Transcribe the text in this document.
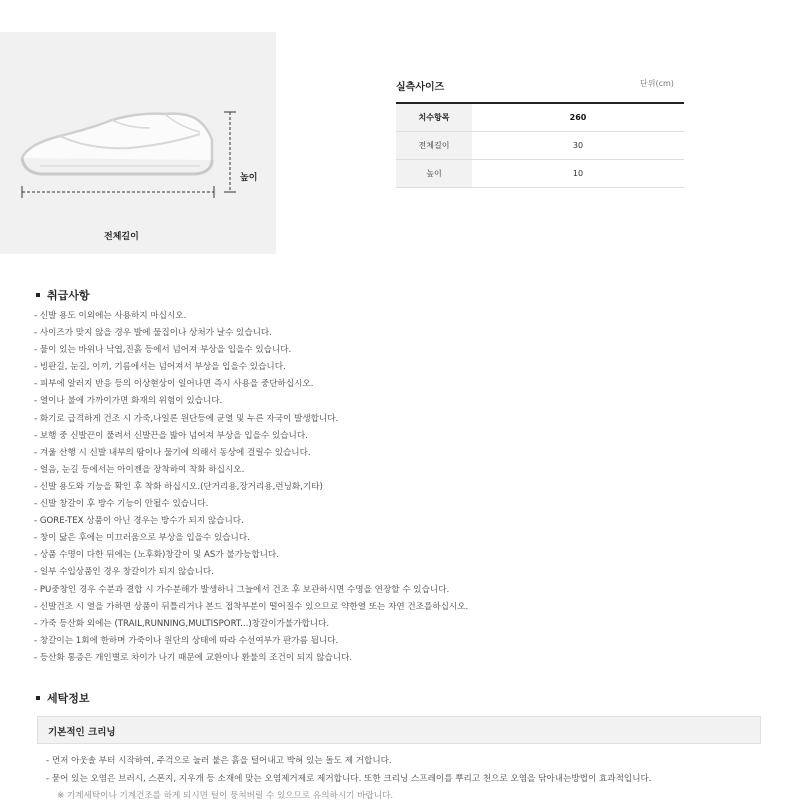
높이
전체길이
실측사이즈	단위(cm)
치수항목	260
전체길이	30
높이	10
취급사항
- 신발 용도 이외에는 사용하지 마십시오.
- 사이즈가 맞지 않을 경우 발에 물집이나 상처가 날수 있습니다.
- 물이 있는 바위나 낙엽,진흙 등에서 넘어져 부상을 입을수 있습니다.
- 빙판길, 눈길, 이끼, 기름에서는 넘어져서 부상을 입을수 있습니다.
- 피부에 알러지 반응 등의 이상현상이 일어나면 즉시 사용을 중단하십시오.
- 열이나 불에 가까이가면 화재의 위험이 있습니다.
- 화기로 급격하게 건조 시 가죽,나일론 원단등에 균열 및 누른 자국이 발생합니다.
- 보행 중 신발끈이 풀려서 신발끈을 밟아 넘어져 부상을 입을수 있습니다.
- 겨울 산행 시 신발 내부의 땀이나 물기에 의해서 동상에 걸릴수 있습니다.
- 얼음, 눈길 등에서는 아이젠을 장착하여 착화 하십시오.
- 신발 용도와 기능을 확인 후 착화 하십시오.(단거리용,장거리용,런닝화,기타)
- 신발 창갈이 후 방수 기능이 안될수 있습니다.
- GORE-TEX 상품이 아닌 경우는 방수가 되지 않습니다.
- 창이 닳은 후에는 미끄러움으로 부상을 입을수 있습니다.
- 상품 수명이 다한 뒤에는 (노후화)창갈이 및 AS가 불가능합니다.
- 일부 수입상품인 경우 창갈이가 되지 않습니다.
- PU중창인 경우 수분과 결합 시 가수분해가 발생하니 그늘에서 건조 후 보관하시면 수명을 연장할 수 있습니다.
- 신발건조 시 열을 가하면 상품이 뒤틀리거나 본드 접착부분이 떨어질수 있으므로 약한열 또는 자연 건조를하십시오.
- 가죽 등산화 외에는 (TRAIL,RUNNING,MULTISPORT...)창갈이가불가합니다.
- 창갈이는 1회에 한하며 가죽이나 원단의 상태에 따라 수선여부가 판가름 됩니다.
- 등산화 통증은 개인별로 차이가 나기 때문에 교환이나 환불의 조건이 되지 않습니다.
세탁정보
기본적인 크리닝
- 먼저 아웃솔 부터 시작하여, 주걱으로 눌러 붙은 흙을 털어내고 박혀 있는 돌도 제 거합니다.
- 묻어 있는 오염은 브러시, 스폰지, 지우개 등 소재에 맞는 오염제거제로 제거합니다. 또한 크리닝 스프레이를 뿌리고 천으로 오염을 닦아내는방법이 효과적입니다.
※ 기계세탁이나 기계건조를 하게 되시면 털이 뭉쳐버릴 수 있으므로 유의하시기 바랍니다.
